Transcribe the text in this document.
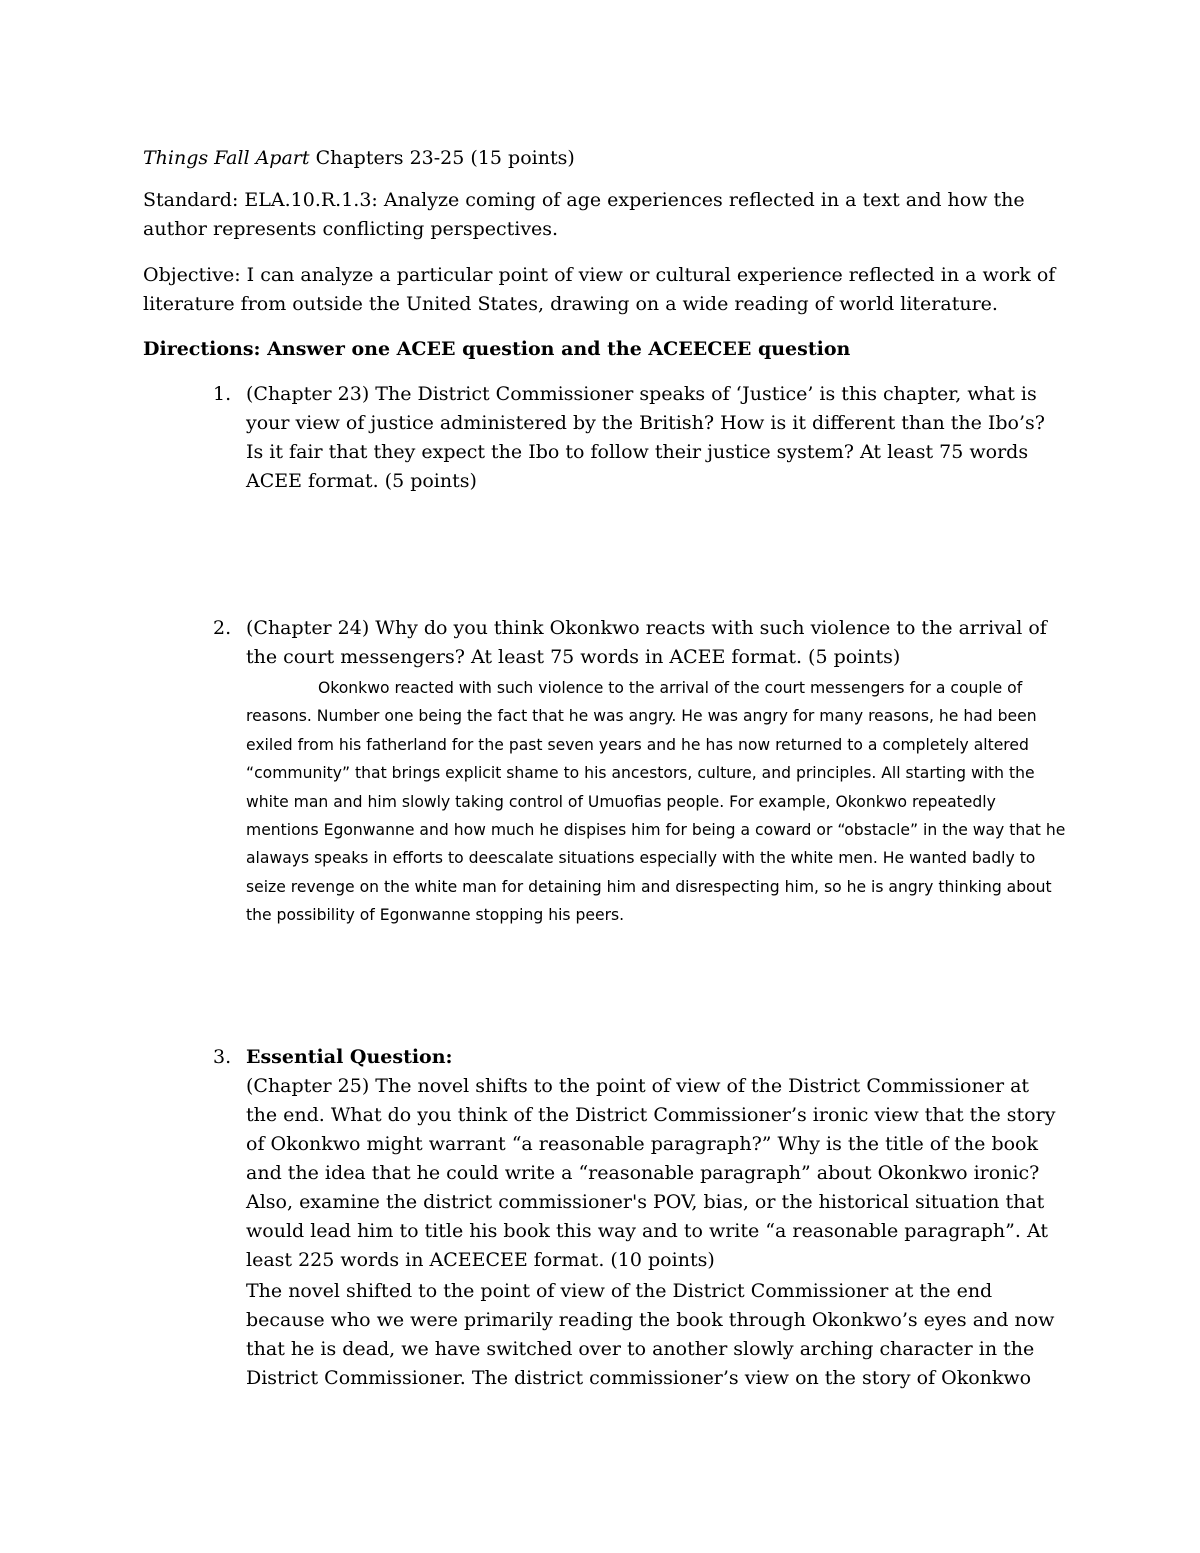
Things Fall Apart Chapters 23-25 (15 points)

Standard: ELA.10.R.1.3: Analyze coming of age experiences reflected in a text and how the author represents conflicting perspectives.

Objective: I can analyze a particular point of view or cultural experience reflected in a work of literature from outside the United States, drawing on a wide reading of world literature.

Directions: Answer one ACEE question and the ACEECEE question

1. (Chapter 23) The District Commissioner speaks of ‘Justice’ is this chapter, what is your view of justice administered by the British? How is it different than the Ibo’s? Is it fair that they expect the Ibo to follow their justice system? At least 75 words ACEE format. (5 points)

2. (Chapter 24) Why do you think Okonkwo reacts with such violence to the arrival of the court messengers? At least 75 words in ACEE format. (5 points)

Okonkwo reacted with such violence to the arrival of the court messengers for a couple of reasons. Number one being the fact that he was angry. He was angry for many reasons, he had been exiled from his fatherland for the past seven years and he has now returned to a completely altered “community” that brings explicit shame to his ancestors, culture, and principles. All starting with the white man and him slowly taking control of Umuofias people. For example, Okonkwo repeatedly mentions Egonwanne and how much he dispises him for being a coward or “obstacle” in the way that he alaways speaks in efforts to deescalate situations especially with the white men. He wanted badly to seize revenge on the white man for detaining him and disrespecting him, so he is angry thinking about the possibility of Egonwanne stopping his peers.

3. Essential Question:

(Chapter 25) The novel shifts to the point of view of the District Commissioner at the end. What do you think of the District Commissioner’s ironic view that the story of Okonkwo might warrant “a reasonable paragraph?” Why is the title of the book and the idea that he could write a “reasonable paragraph” about Okonkwo ironic? Also, examine the district commissioner's POV, bias, or the historical situation that would lead him to title his book this way and to write “a reasonable paragraph”. At least 225 words in ACEECEE format. (10 points)

The novel shifted to the point of view of the District Commissioner at the end because who we were primarily reading the book through Okonkwo’s eyes and now that he is dead, we have switched over to another slowly arching character in the District Commissioner. The district commissioner’s view on the story of Okonkwo
